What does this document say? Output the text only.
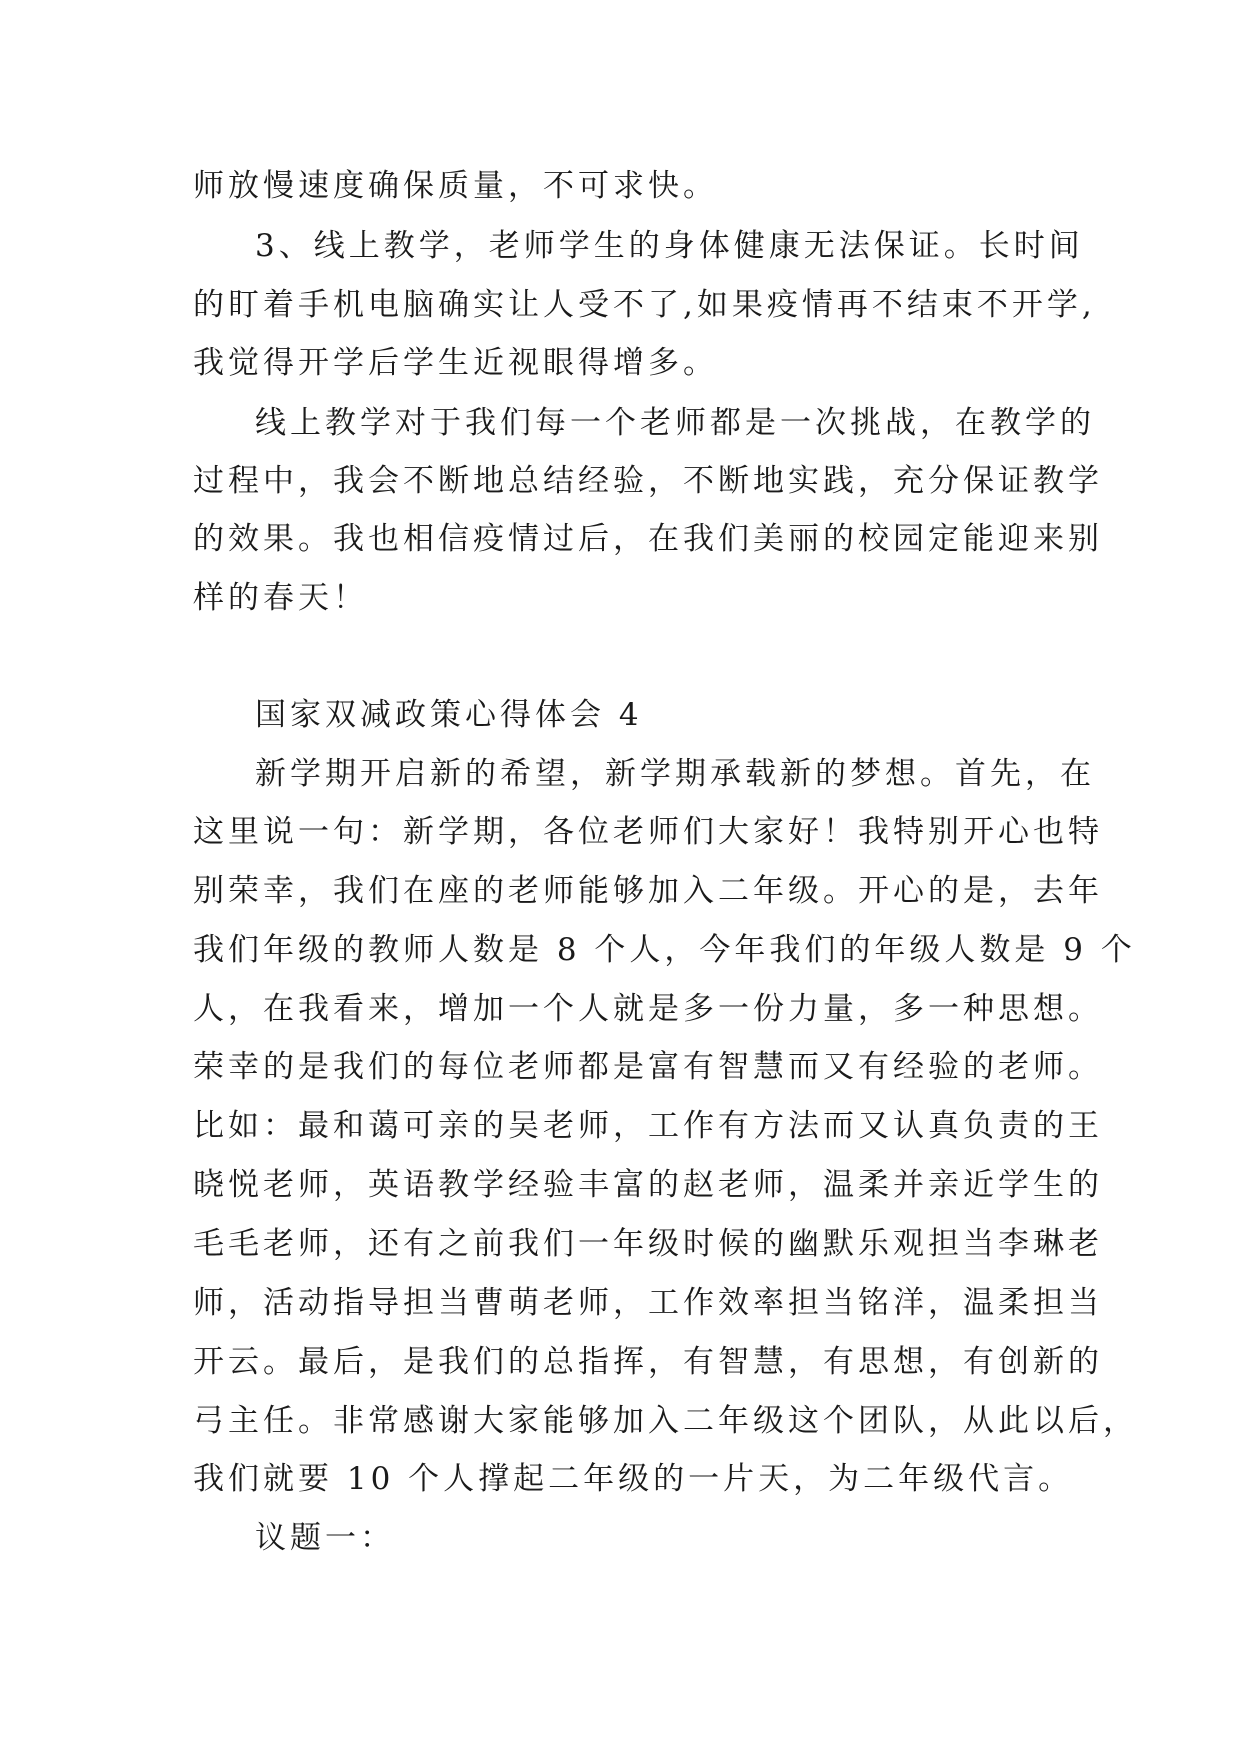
师放慢速度确保质量，不可求快。
3、线上教学，老师学生的身体健康无法保证。长时间
的盯着手机电脑确实让人受不了,如果疫情再不结束不开学,
我觉得开学后学生近视眼得增多。
线上教学对于我们每一个老师都是一次挑战，在教学的
过程中，我会不断地总结经验，不断地实践，充分保证教学
的效果。我也相信疫情过后，在我们美丽的校园定能迎来别
样的春天！
国家双减政策心得体会 4
新学期开启新的希望，新学期承载新的梦想。首先，在
这里说一句：新学期，各位老师们大家好！我特别开心也特
别荣幸，我们在座的老师能够加入二年级。开心的是，去年
我们年级的教师人数是 8 个人，今年我们的年级人数是 9 个
人，在我看来，增加一个人就是多一份力量，多一种思想。
荣幸的是我们的每位老师都是富有智慧而又有经验的老师。
比如：最和蔼可亲的吴老师，工作有方法而又认真负责的王
晓悦老师，英语教学经验丰富的赵老师，温柔并亲近学生的
毛毛老师，还有之前我们一年级时候的幽默乐观担当李琳老
师，活动指导担当曹萌老师，工作效率担当铭洋，温柔担当
开云。最后，是我们的总指挥，有智慧，有思想，有创新的
弓主任。非常感谢大家能够加入二年级这个团队，从此以后，
我们就要 10 个人撑起二年级的一片天，为二年级代言。
议题一：
